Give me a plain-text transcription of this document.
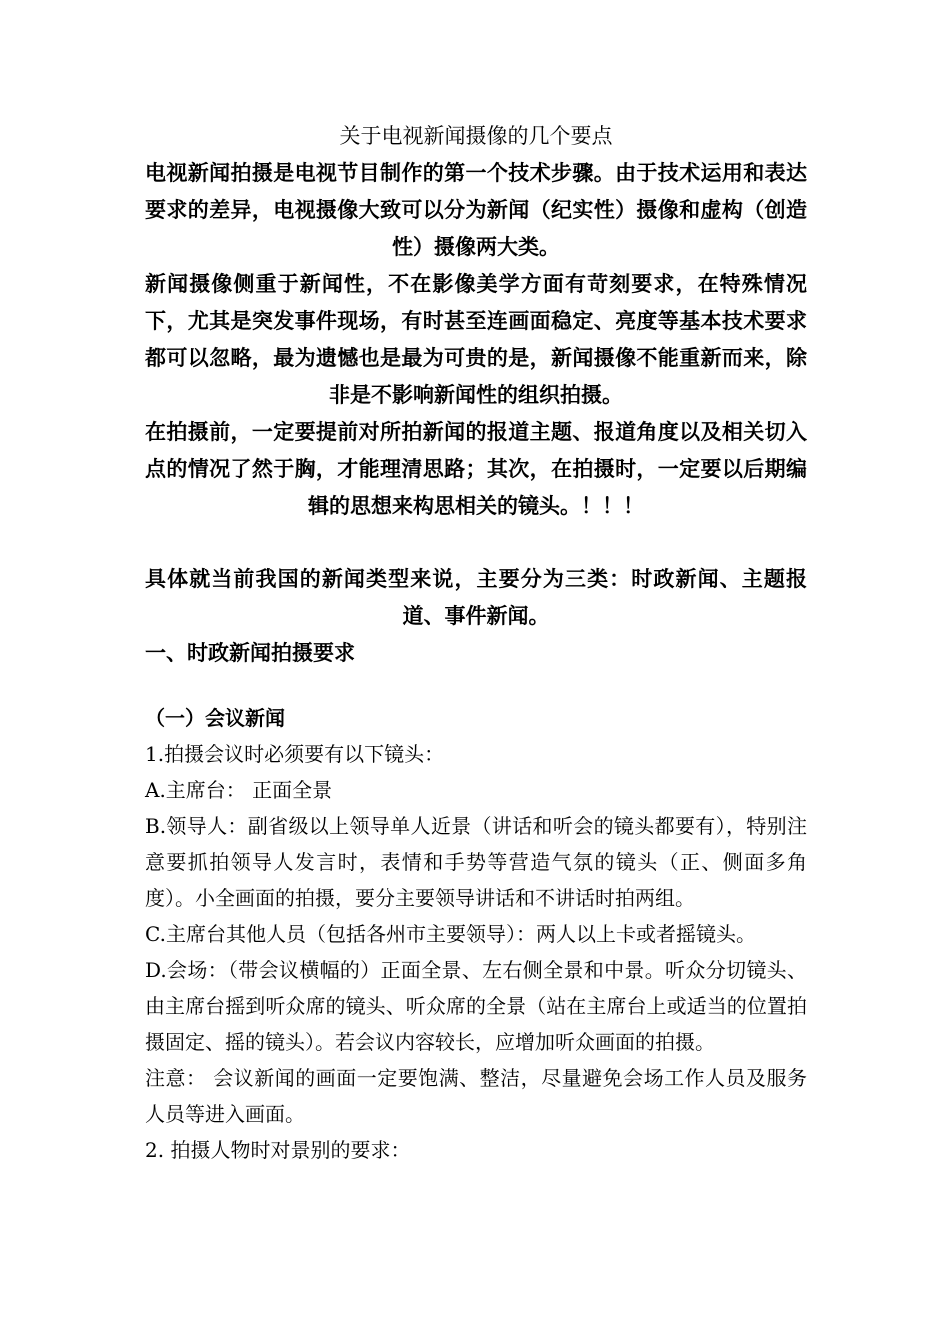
关于电视新闻摄像的几个要点

电视新闻拍摄是电视节目制作的第一个技术步骤。由于技术运用和表达要求的差异，电视摄像大致可以分为新闻（纪实性）摄像和虚构（创造性）摄像两大类。

新闻摄像侧重于新闻性，不在影像美学方面有苛刻要求，在特殊情况下，尤其是突发事件现场，有时甚至连画面稳定、亮度等基本技术要求都可以忽略，最为遗憾也是最为可贵的是，新闻摄像不能重新而来，除非是不影响新闻性的组织拍摄。

在拍摄前，一定要提前对所拍新闻的报道主题、报道角度以及相关切入点的情况了然于胸，才能理清思路；其次，在拍摄时，一定要以后期编辑的思想来构思相关的镜头。！！！

具体就当前我国的新闻类型来说，主要分为三类：时政新闻、主题报道、事件新闻。

一、时政新闻拍摄要求

（一）会议新闻

1.拍摄会议时必须要有以下镜头：

A.主席台： 正面全景

B.领导人：副省级以上领导单人近景（讲话和听会的镜头都要有），特别注意要抓拍领导人发言时，表情和手势等营造气氛的镜头（正、侧面多角度）。小全画面的拍摄，要分主要领导讲话和不讲话时拍两组。

C.主席台其他人员（包括各州市主要领导）：两人以上卡或者摇镜头。

D.会场：（带会议横幅的）正面全景、左右侧全景和中景。听众分切镜头、由主席台摇到听众席的镜头、听众席的全景（站在主席台上或适当的位置拍摄固定、摇的镜头）。若会议内容较长，应增加听众画面的拍摄。

注意： 会议新闻的画面一定要饱满、整洁，尽量避免会场工作人员及服务人员等进入画面。

2. 拍摄人物时对景别的要求：
